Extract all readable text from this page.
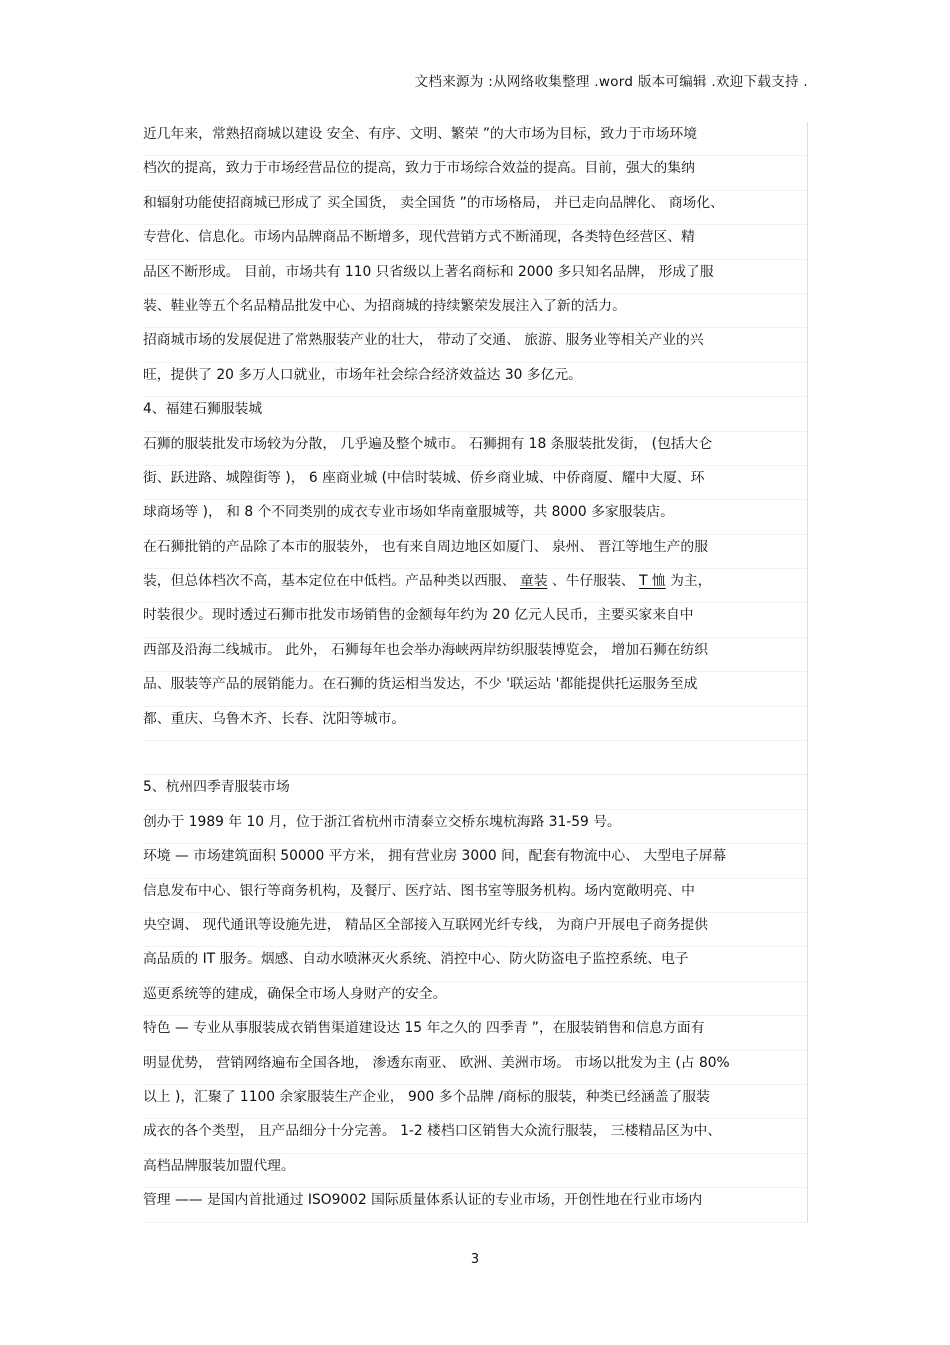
文档来源为 :从网络收集整理 .word 版本可编辑 .欢迎下载支持 .
近几年来，常熟招商城以建设 安全、有序、文明、繁荣 ”的大市场为目标，致力于市场环境
档次的提高，致力于市场经营品位的提高，致力于市场综合效益的提高。目前，强大的集纳
和辐射功能使招商城已形成了 买全国货， 卖全国货 ”的市场格局， 并已走向品牌化、 商场化、
专营化、信息化。市场内品牌商品不断增多，现代营销方式不断涌现，各类特色经营区、精
品区不断形成。 目前，市场共有 110 只省级以上著名商标和 2000 多只知名品牌， 形成了服
装、鞋业等五个名品精品批发中心、为招商城的持续繁荣发展注入了新的活力。
招商城市场的发展促进了常熟服装产业的壮大， 带动了交通、 旅游、服务业等相关产业的兴
旺，提供了 20 多万人口就业，市场年社会综合经济效益达 30 多亿元。
4、福建石狮服装城
石狮的服装批发市场较为分散， 几乎遍及整个城市。 石狮拥有 18 条服装批发街， (包括大仑
街、跃进路、城隍街等 )， 6 座商业城 (中信时装城、侨乡商业城、中侨商厦、耀中大厦、环
球商场等 )， 和 8 个不同类别的成衣专业市场如华南童服城等，共 8000 多家服装店。
在石狮批销的产品除了本市的服装外， 也有来自周边地区如厦门、 泉州、 晋江等地生产的服
装，但总体档次不高，基本定位在中低档。产品种类以西服、 童装 、牛仔服装、 T 恤 为主，
时装很少。现时透过石狮市批发市场销售的金额每年约为 20 亿元人民币，主要买家来自中
西部及沿海二线城市。 此外， 石狮每年也会举办海峡两岸纺织服装博览会， 增加石狮在纺织
品、服装等产品的展销能力。在石狮的货运相当发达，不少 '联运站 '都能提供托运服务至成
都、重庆、乌鲁木齐、长春、沈阳等城市。
5、杭州四季青服装市场
创办于 1989 年 10 月，位于浙江省杭州市清泰立交桥东塊杭海路 31-59 号。
环境 — 市场建筑面积 50000 平方米， 拥有营业房 3000 间，配套有物流中心、 大型电子屏幕
信息发布中心、银行等商务机构，及餐厅、医疗站、图书室等服务机构。场内宽敞明亮、中
央空调、 现代通讯等设施先进， 精品区全部接入互联网光纤专线， 为商户开展电子商务提供
高品质的 IT 服务。烟感、自动水喷淋灭火系统、消控中心、防火防盗电子监控系统、电子
巡更系统等的建成，确保全市场人身财产的安全。
特色 — 专业从事服装成衣销售渠道建设达 15 年之久的 四季青 ”，在服装销售和信息方面有
明显优势， 营销网络遍布全国各地， 渗透东南亚、 欧洲、美洲市场。 市场以批发为主 (占 80%
以上 )，汇聚了 1100 余家服装生产企业， 900 多个品牌 /商标的服装，种类已经涵盖了服装
成衣的各个类型， 且产品细分十分完善。 1-2 楼档口区销售大众流行服装， 三楼精品区为中、
高档品牌服装加盟代理。
管理 —— 是国内首批通过 ISO9002 国际质量体系认证的专业市场，开创性地在行业市场内
3
